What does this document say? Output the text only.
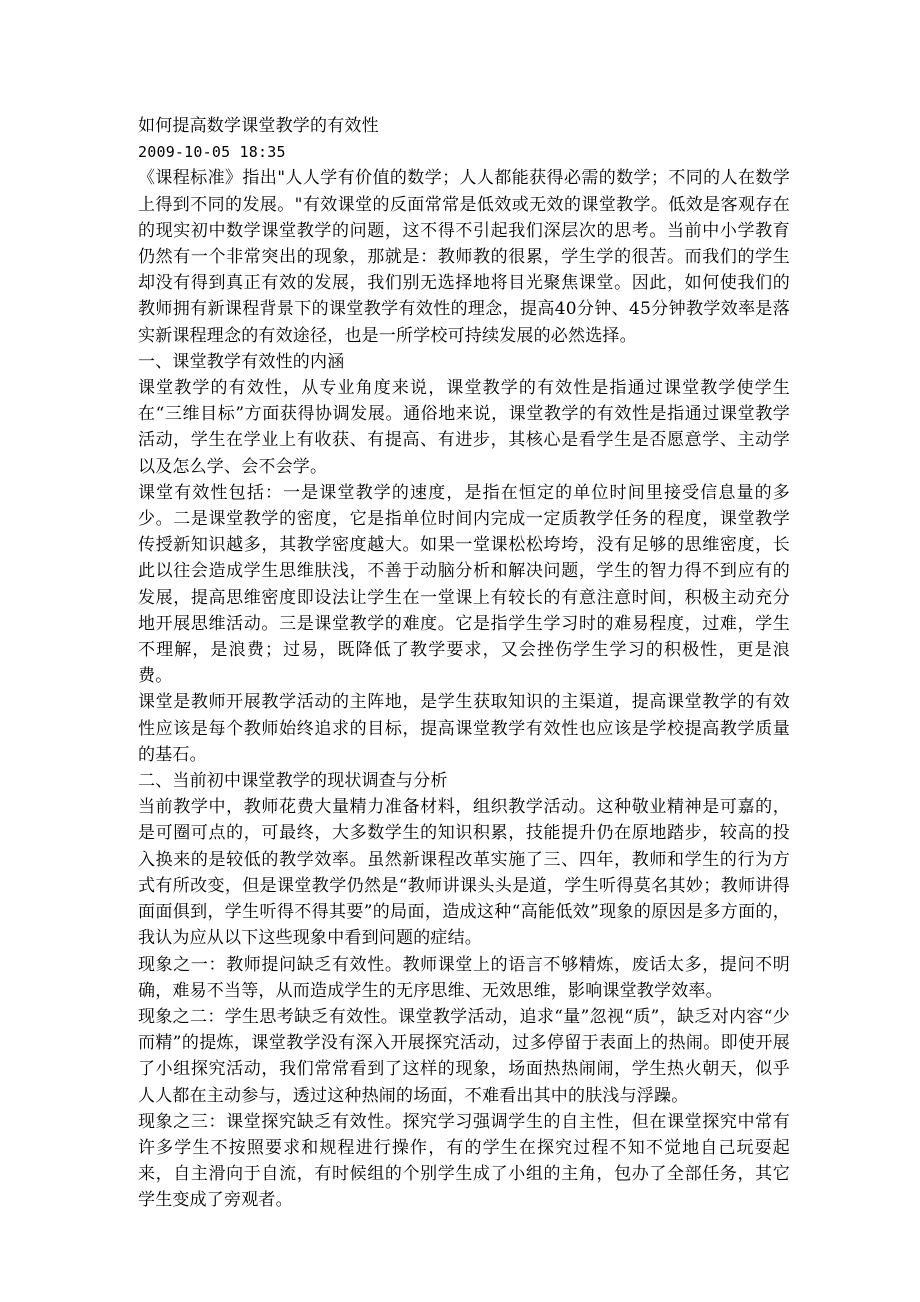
如何提高数学课堂教学的有效性
2009-10-05 18:35
《课程标准》指出"人人学有价值的数学；人人都能获得必需的数学；不同的人在数学上得到不同的发展。"有效课堂的反面常常是低效或无效的课堂教学。低效是客观存在的现实初中数学课堂教学的问题，这不得不引起我们深层次的思考。当前中小学教育仍然有一个非常突出的现象，那就是：教师教的很累，学生学的很苦。而我们的学生却没有得到真正有效的发展，我们别无选择地将目光聚焦课堂。因此，如何使我们的教师拥有新课程背景下的课堂教学有效性的理念，提高40分钟、45分钟教学效率是落实新课程理念的有效途径，也是一所学校可持续发展的必然选择。
一、课堂教学有效性的内涵
课堂教学的有效性，从专业角度来说，课堂教学的有效性是指通过课堂教学使学生在“三维目标”方面获得协调发展。通俗地来说，课堂教学的有效性是指通过课堂教学活动，学生在学业上有收获、有提高、有进步，其核心是看学生是否愿意学、主动学以及怎么学、会不会学。
课堂有效性包括：一是课堂教学的速度，是指在恒定的单位时间里接受信息量的多少。二是课堂教学的密度，它是指单位时间内完成一定质教学任务的程度，课堂教学传授新知识越多，其教学密度越大。如果一堂课松松垮垮，没有足够的思维密度，长此以往会造成学生思维肤浅，不善于动脑分析和解决问题，学生的智力得不到应有的发展，提高思维密度即设法让学生在一堂课上有较长的有意注意时间，积极主动充分地开展思维活动。三是课堂教学的难度。它是指学生学习时的难易程度，过难，学生不理解，是浪费；过易，既降低了教学要求，又会挫伤学生学习的积极性，更是浪费。
课堂是教师开展教学活动的主阵地，是学生获取知识的主渠道，提高课堂教学的有效性应该是每个教师始终追求的目标，提高课堂教学有效性也应该是学校提高教学质量的基石。
二、当前初中课堂教学的现状调查与分析
当前教学中，教师花费大量精力准备材料，组织教学活动。这种敬业精神是可嘉的，是可圈可点的，可最终，大多数学生的知识积累，技能提升仍在原地踏步，较高的投入换来的是较低的教学效率。虽然新课程改革实施了三、四年，教师和学生的行为方式有所改变，但是课堂教学仍然是“教师讲课头头是道，学生听得莫名其妙；教师讲得面面俱到，学生听得不得其要”的局面，造成这种“高能低效”现象的原因是多方面的，我认为应从以下这些现象中看到问题的症结。
现象之一：教师提问缺乏有效性。教师课堂上的语言不够精炼，废话太多，提问不明确，难易不当等，从而造成学生的无序思维、无效思维，影响课堂教学效率。
现象之二：学生思考缺乏有效性。课堂教学活动，追求“量”忽视“质”，缺乏对内容“少而精”的提炼，课堂教学没有深入开展探究活动，过多停留于表面上的热闹。即使开展了小组探究活动，我们常常看到了这样的现象，场面热热闹闹，学生热火朝天，似乎人人都在主动参与，透过这种热闹的场面，不难看出其中的肤浅与浮躁。
现象之三：课堂探究缺乏有效性。探究学习强调学生的自主性，但在课堂探究中常有许多学生不按照要求和规程进行操作，有的学生在探究过程不知不觉地自己玩耍起来，自主滑向于自流，有时候组的个别学生成了小组的主角，包办了全部任务，其它学生变成了旁观者。
